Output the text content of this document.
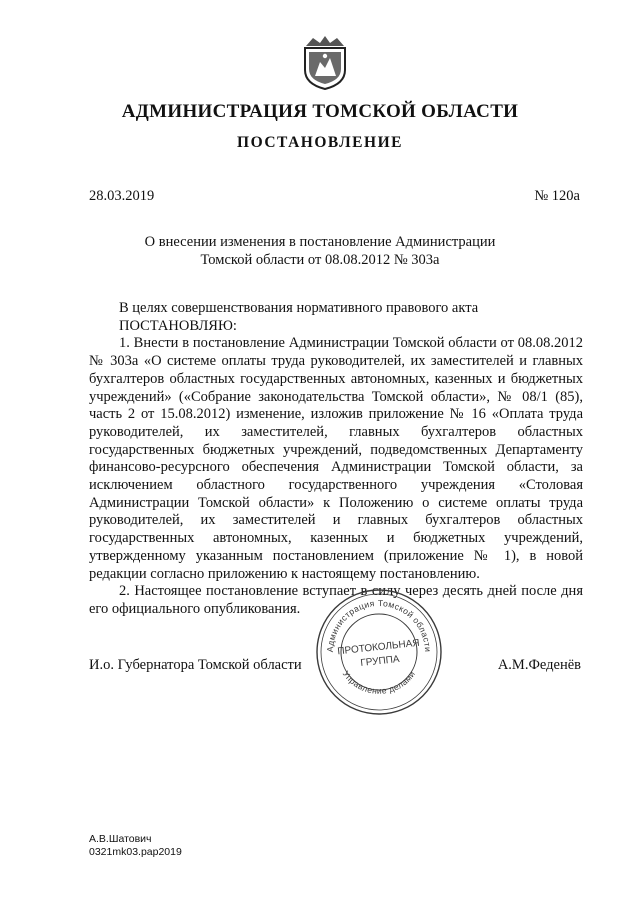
АДМИНИСТРАЦИЯ ТОМСКОЙ ОБЛАСТИ
ПОСТАНОВЛЕНИЕ
28.03.2019	№ 120а
О внесении изменения в постановление Администрации
Томской области от 08.08.2012 № 303а

В целях совершенствования нормативного правового акта

ПОСТАНОВЛЯЮ:

1. Внести в постановление Администрации Томской области от 08.08.2012 № 303а «О системе оплаты труда руководителей, их заместителей и главных бухгалтеров областных государственных автономных, казенных и бюджетных учреждений» («Собрание законодательства Томской области», № 08/1 (85), часть 2 от 15.08.2012) изменение, изложив приложение № 16 «Оплата труда руководителей, их заместителей, главных бухгалтеров областных государственных бюджетных учреждений, подведомственных Департаменту финансово-ресурсного обеспечения Администрации Томской области, за исключением областного государственного учреждения «Столовая Администрации Томской области» к Положению о системе оплаты труда руководителей, их заместителей и главных бухгалтеров областных государственных автономных, казенных и бюджетных учреждений, утвержденному указанным постановлением (приложение № 1), в новой редакции согласно приложению к настоящему постановлению.

2. Настоящее постановление вступает в силу через десять дней после дня его официального опубликования.

И.о. Губернатора Томской области	А.М.Феденёв
Администрация Томской области
Управление делами
ПРОТОКОЛЬНАЯ
ГРУППА
А.В.Шатович
0321mk03.рар2019
